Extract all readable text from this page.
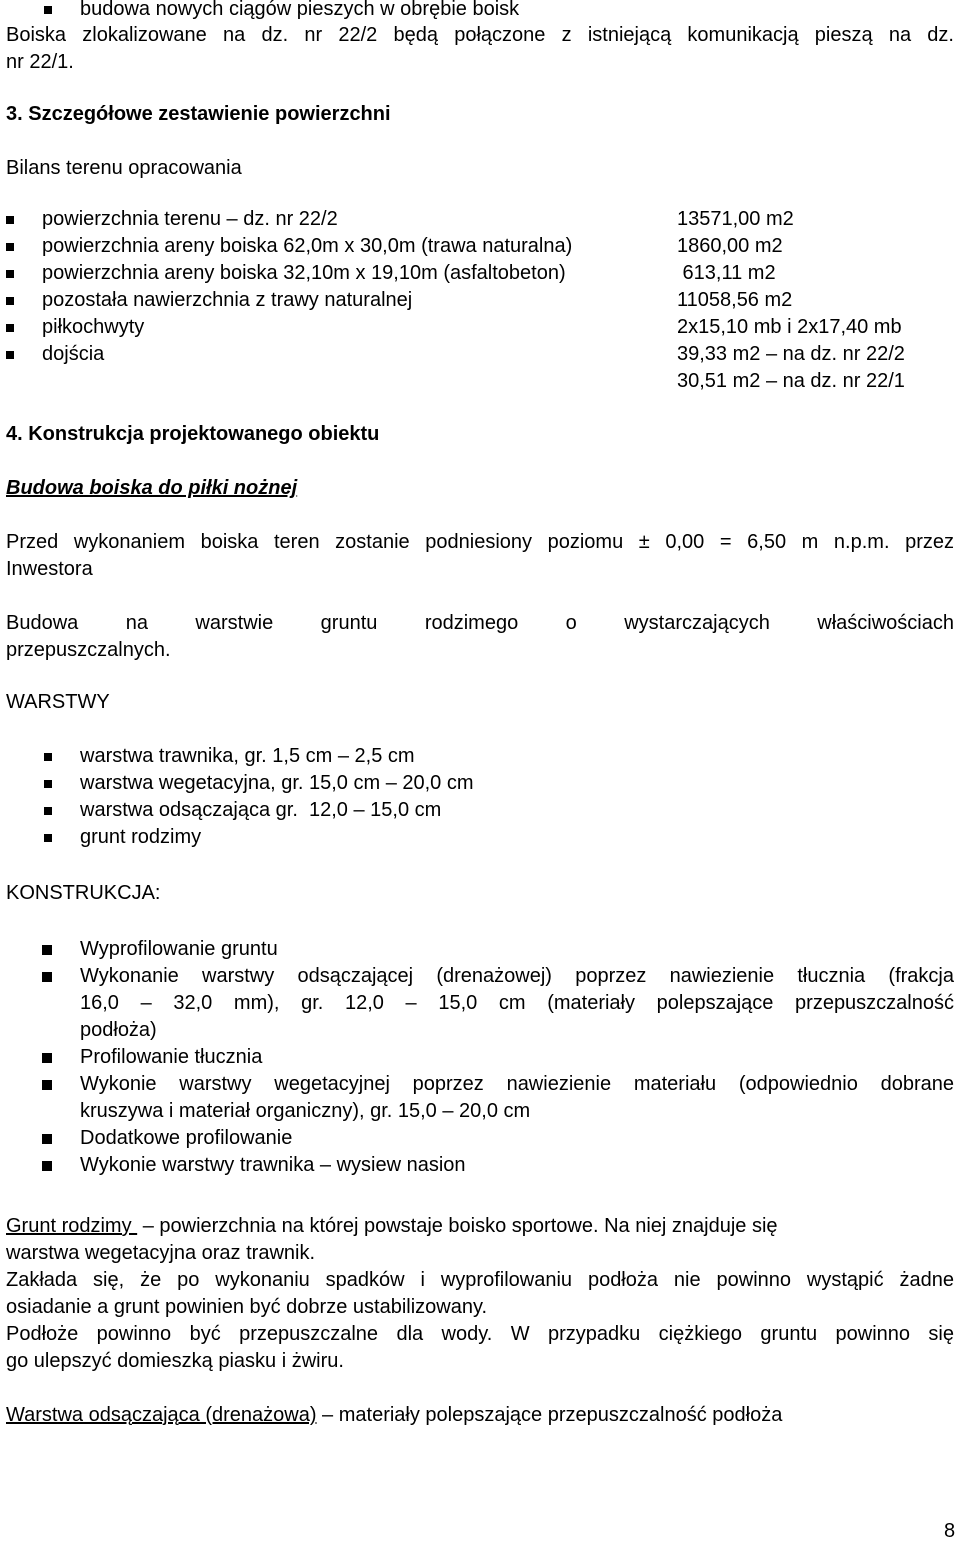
budowa nowych ciągów pieszych w obrębie boisk
Boiska zlokalizowane na dz. nr 22/2 będą połączone z istniejącą komunikacją pieszą na dz.
nr 22/1.
3. Szczegółowe zestawienie powierzchni
Bilans terenu opracowania
powierzchnia terenu – dz. nr 22/2	13571,00 m2
powierzchnia areny boiska 62,0m x 30,0m (trawa naturalna)	1860,00 m2
powierzchnia areny boiska 32,10m x 19,10m (asfaltobeton)	613,11 m2
pozostała nawierzchnia z trawy naturalnej	11058,56 m2
piłkochwyty	2x15,10 mb i 2x17,40 mb
dojścia	39,33 m2 – na dz. nr 22/2
30,51 m2 – na dz. nr 22/1
4. Konstrukcja projektowanego obiektu
Budowa boiska do piłki nożnej
Przed wykonaniem boiska teren zostanie podniesiony poziomu ± 0,00 = 6,50 m n.p.m. przez
Inwestora
Budowa na warstwie gruntu rodzimego o wystarczających właściwościach
przepuszczalnych.
WARSTWY
warstwa trawnika, gr. 1,5 cm – 2,5 cm
warstwa wegetacyjna, gr. 15,0 cm – 20,0 cm
warstwa odsączająca gr.  12,0 – 15,0 cm
grunt rodzimy
KONSTRUKCJA:
Wyprofilowanie gruntu
Wykonanie warstwy odsączającej (drenażowej) poprzez nawiezienie tłucznia (frakcja
16,0 – 32,0 mm), gr. 12,0 – 15,0 cm (materiały polepszające przepuszczalność
podłoża)
Profilowanie tłucznia
Wykonie warstwy wegetacyjnej poprzez nawiezienie materiału (odpowiednio dobrane
kruszywa i materiał organiczny), gr. 15,0 – 20,0 cm
Dodatkowe profilowanie
Wykonie warstwy trawnika – wysiew nasion
Grunt rodzimy  – powierzchnia na której powstaje boisko sportowe. Na niej znajduje się
warstwa wegetacyjna oraz trawnik.
Zakłada się, że po wykonaniu spadków i wyprofilowaniu podłoża nie powinno wystąpić żadne
osiadanie a grunt powinien być dobrze ustabilizowany.
Podłoże powinno być przepuszczalne dla wody. W przypadku ciężkiego gruntu powinno się
go ulepszyć domieszką piasku i żwiru.
Warstwa odsączająca (drenażowa) – materiały polepszające przepuszczalność podłoża
8
